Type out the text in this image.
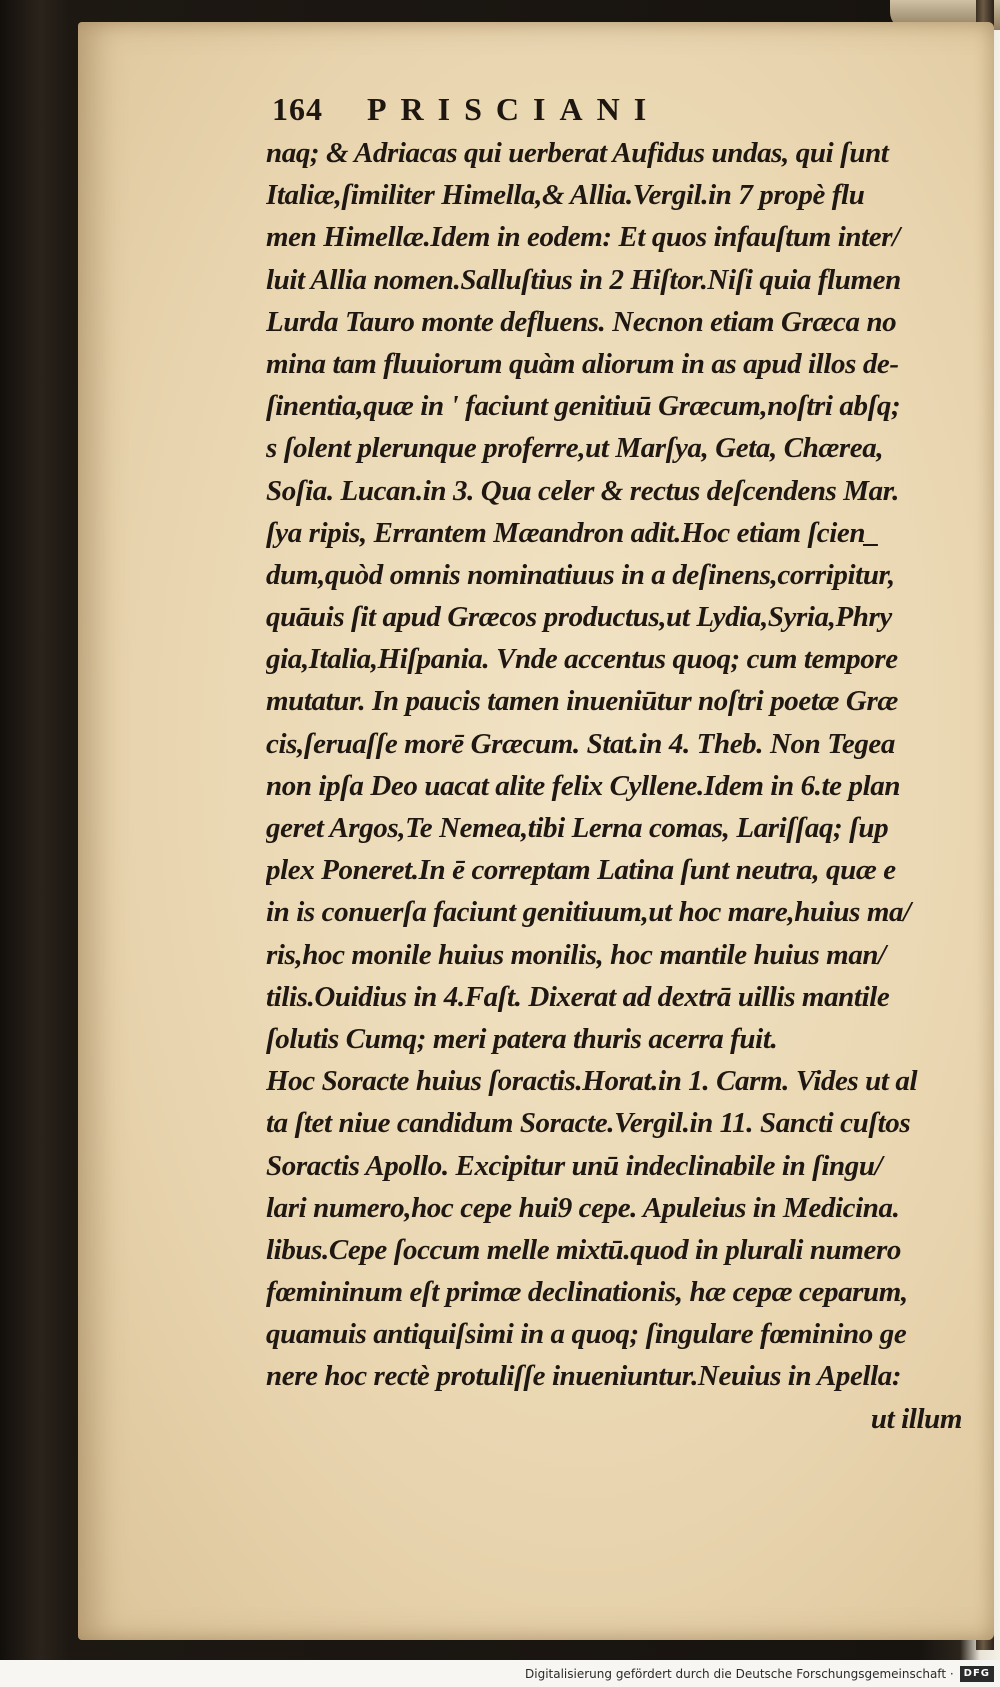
164 PRISCIANI
naq; & Adriacas qui uerberat Aufidus undas, qui ſunt
Italiæ,ſimiliter Himella,& Allia.Vergil.in 7 propè flu
men Himellæ.Idem in eodem: Et quos infauſtum inter/
luit Allia nomen.Salluſtius in 2 Hiſtor.Niſi quia flumen
Lurda Tauro monte defluens. Necnon etiam Græca no
mina tam fluuiorum quàm aliorum in as apud illos de-
ſinentia,quæ in ' faciunt genitiuū Græcum,noſtri abſq;
s ſolent plerunque proferre,ut Marſya, Geta, Chærea,
Soſia. Lucan.in 3. Qua celer & rectus deſcendens Mar.
ſya ripis, Errantem Mæandron adit.Hoc etiam ſcien_
dum,quòd omnis nominatiuus in a deſinens,corripitur,
quāuis ſit apud Græcos productus,ut Lydia,Syria,Phry
gia,Italia,Hiſpania. Vnde accentus quoq; cum tempore
mutatur. In paucis tamen inueniūtur noſtri poetæ Græ
cis,ſeruaſſe morē Græcum. Stat.in 4. Theb. Non Tegea
non ipſa Deo uacat alite felix Cyllene.Idem in 6.te plan
geret Argos,Te Nemea,tibi Lerna comas, Lariſſaq; ſup
plex Poneret.In ē correptam Latina ſunt neutra, quæ e
in is conuerſa faciunt genitiuum,ut hoc mare,huius ma/
ris,hoc monile huius monilis, hoc mantile huius man/
tilis.Ouidius in 4.Faſt. Dixerat ad dextrā uillis mantile
ſolutis Cumq; meri patera thuris acerra fuit.
Hoc Soracte huius ſoractis.Horat.in 1. Carm. Vides ut al
ta ſtet niue candidum Soracte.Vergil.in 11. Sancti cuſtos
Soractis Apollo. Excipitur unū indeclinabile in ſingu/
lari numero,hoc cepe hui9 cepe. Apuleius in Medicina.
libus.Cepe ſoccum melle mixtū.quod in plurali numero
fœmininum eſt primæ declinationis, hæ cepæ ceparum,
quamuis antiquiſsimi in a quoq; ſingulare fœminino ge
nere hoc rectè protuliſſe inueniuntur.Neuius in Apella:
ut illum
Digitalisierung gefördert durch die Deutsche Forschungsgemeinschaft ·	DFG
